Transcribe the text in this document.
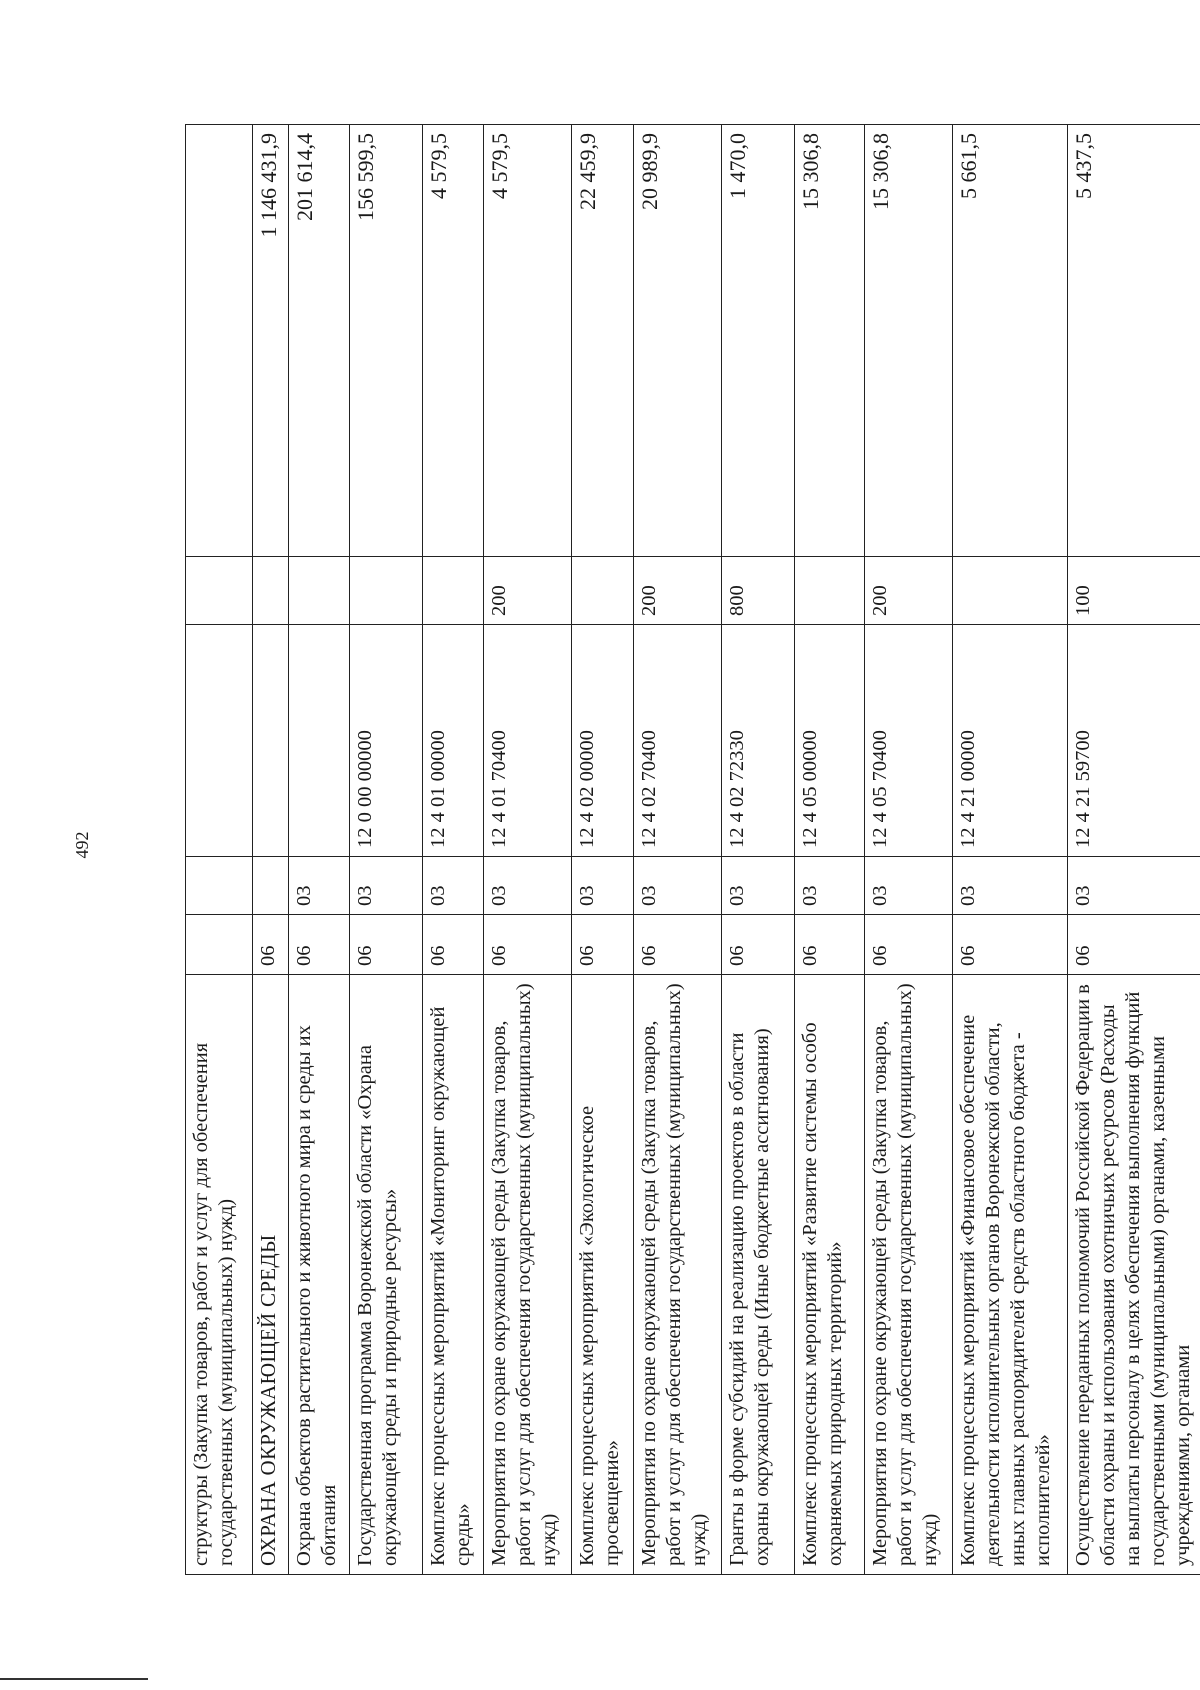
492
структуры (Закупка товаров, работ и услуг для обеспечения государственных (муниципальных) нужд)					
ОХРАНА ОКРУЖАЮЩЕЙ СРЕДЫ	06				1 146 431,9
Охрана объектов растительного и животного мира и среды их обитания	06	03			201 614,4
Государственная программа Воронежской области «Охрана окружающей среды и природные ресурсы»	06	03	12 0 00 00000		156 599,5
Комплекс процессных мероприятий «Мониторинг окружающей среды»	06	03	12 4 01 00000		4 579,5
Мероприятия по охране окружающей среды (Закупка товаров, работ и услуг для обеспечения государственных (муниципальных) нужд)	06	03	12 4 01 70400	200	4 579,5
Комплекс процессных мероприятий «Экологическое просвещение»	06	03	12 4 02 00000		22 459,9
Мероприятия по охране окружающей среды (Закупка товаров, работ и услуг для обеспечения государственных (муниципальных) нужд)	06	03	12 4 02 70400	200	20 989,9
Гранты в форме субсидий на реализацию проектов в области охраны окружающей среды (Иные бюджетные ассигнования)	06	03	12 4 02 72330	800	1 470,0
Комплекс процессных мероприятий «Развитие системы особо охраняемых природных территорий»	06	03	12 4 05 00000		15 306,8
Мероприятия по охране окружающей среды (Закупка товаров, работ и услуг для обеспечения государственных (муниципальных) нужд)	06	03	12 4 05 70400	200	15 306,8
Комплекс процессных мероприятий «Финансовое обеспечение деятельности исполнительных органов Воронежской области, иных главных распорядителей средств областного бюджета - исполнителей»	06	03	12 4 21 00000		5 661,5
Осуществление переданных полномочий Российской Федерации в области охраны и использования охотничьих ресурсов (Расходы на выплаты персоналу в целях обеспечения выполнения функций государственными (муниципальными) органами, казенными учреждениями, органами	06	03	12 4 21 59700	100	5 437,5
